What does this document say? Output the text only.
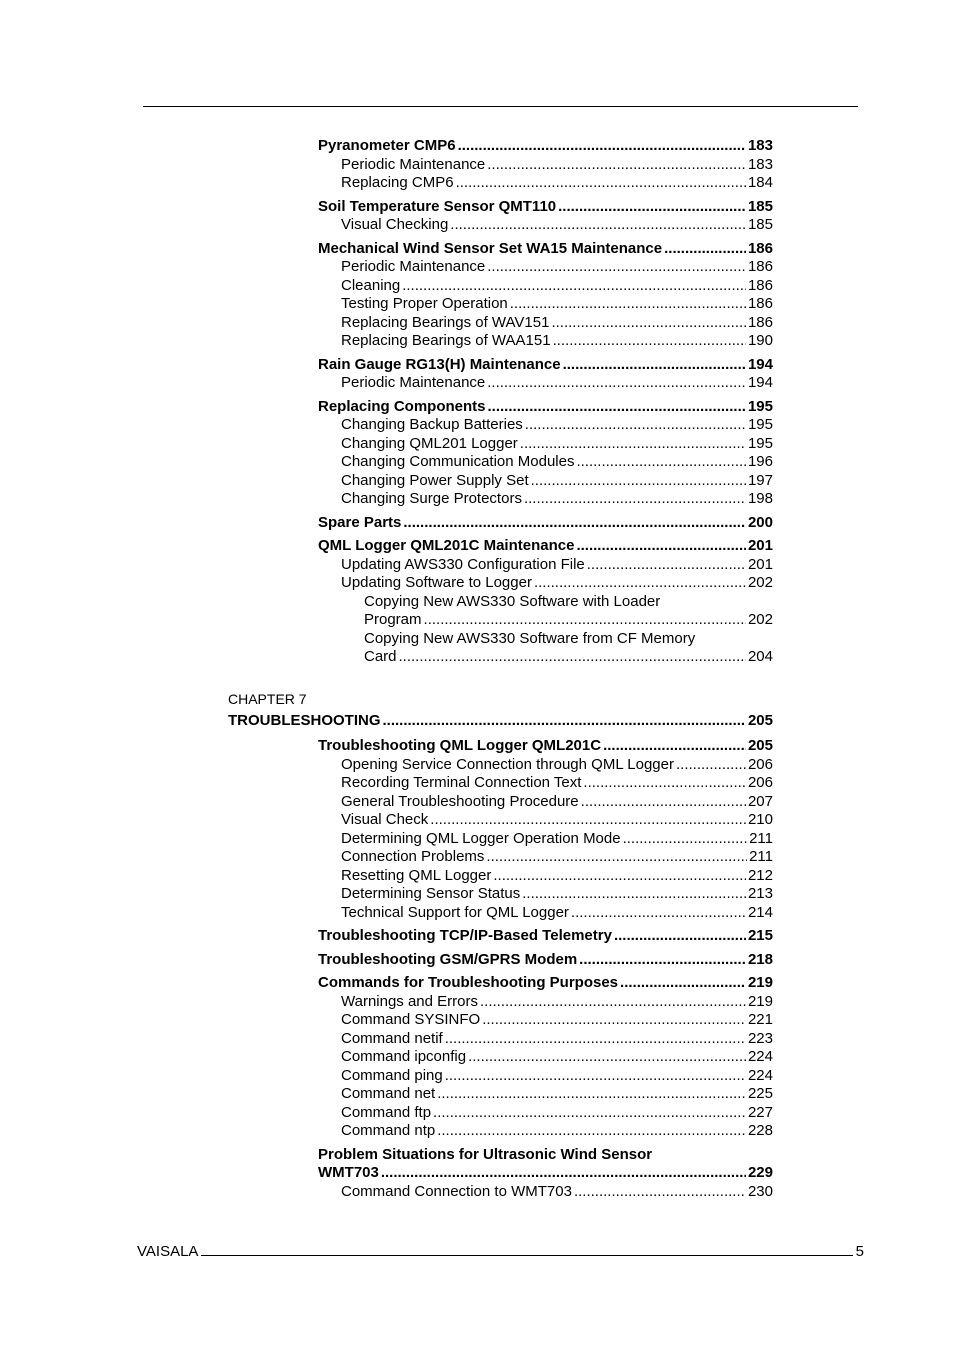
Pyranometer CMP6 .....	183
Periodic Maintenance .....	183
Replacing CMP6 .....	184
Soil Temperature Sensor QMT110 .....	185
Visual Checking .....	185
Mechanical Wind Sensor Set WA15 Maintenance .....	186
Periodic Maintenance .....	186
Cleaning .....	186
Testing Proper Operation .....	186
Replacing Bearings of WAV151 .....	186
Replacing Bearings of WAA151 .....	190
Rain Gauge RG13(H) Maintenance .....	194
Periodic Maintenance .....	194
Replacing Components .....	195
Changing Backup Batteries .....	195
Changing QML201 Logger .....	195
Changing Communication Modules .....	196
Changing Power Supply Set .....	197
Changing Surge Protectors .....	198
Spare Parts .....	200
QML Logger QML201C Maintenance .....	201
Updating AWS330 Configuration File .....	201
Updating Software to Logger .....	202
Copying New AWS330 Software with Loader
Program .....	202
Copying New AWS330 Software from CF Memory
Card .....	204
TROUBLESHOOTING .....	205
Troubleshooting QML Logger QML201C .....	205
Opening Service Connection through QML Logger .....	206
Recording Terminal Connection Text .....	206
General Troubleshooting Procedure .....	207
Visual Check .....	210
Determining QML Logger Operation Mode .....	211
Connection Problems .....	211
Resetting QML Logger .....	212
Determining Sensor Status .....	213
Technical Support for QML Logger .....	214
Troubleshooting TCP/IP-Based Telemetry .....	215
Troubleshooting GSM/GPRS Modem .....	218
Commands for Troubleshooting Purposes .....	219
Warnings and Errors .....	219
Command SYSINFO .....	221
Command netif .....	223
Command ipconfig .....	224
Command ping .....	224
Command net .....	225
Command ftp .....	227
Command ntp .....	228
Problem Situations for Ultrasonic Wind Sensor
WMT703 .....	229
Command Connection to WMT703 .....	230
CHAPTER 7
VAISALA	5
